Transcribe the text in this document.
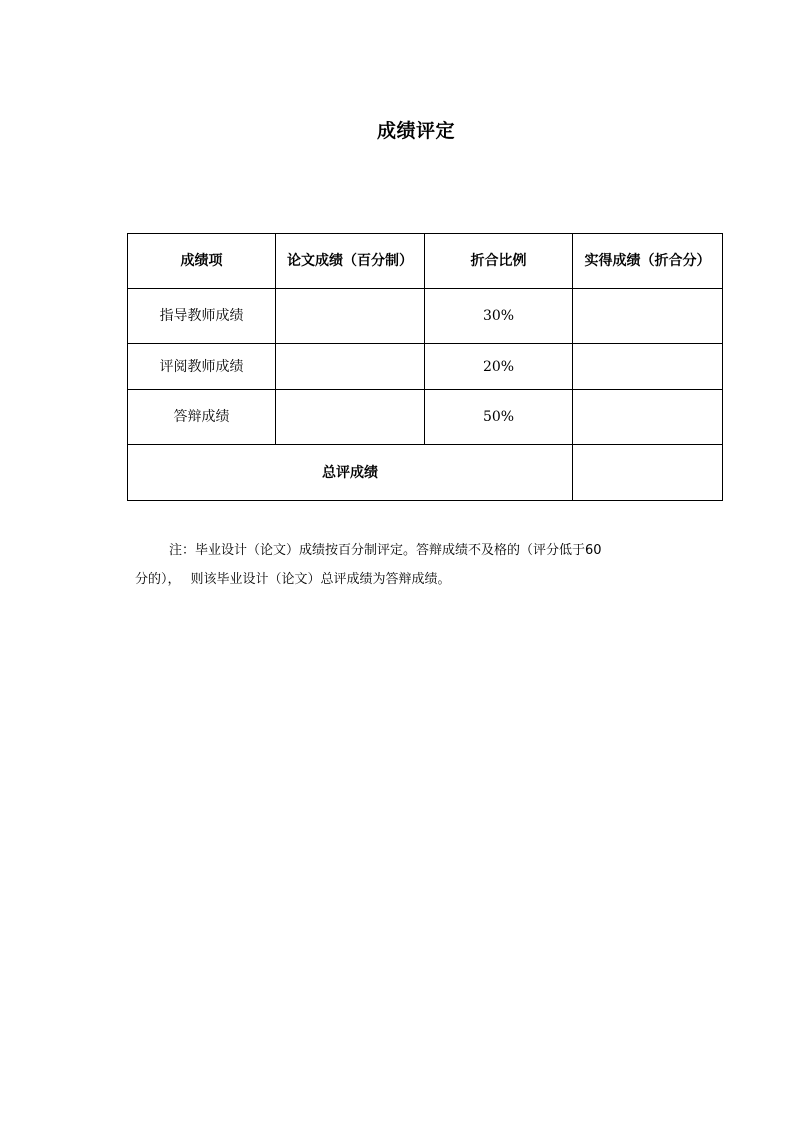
成绩评定
成绩项	论文成绩（百分制）	折合比例	实得成绩（折合分）
指导教师成绩		30%	
评阅教师成绩		20%	
答辩成绩		50%	
总评成绩			
注：毕业设计（论文）成绩按百分制评定。答辩成绩不及格的（评分低于60
分的）， 则该毕业设计（论文）总评成绩为答辩成绩。
